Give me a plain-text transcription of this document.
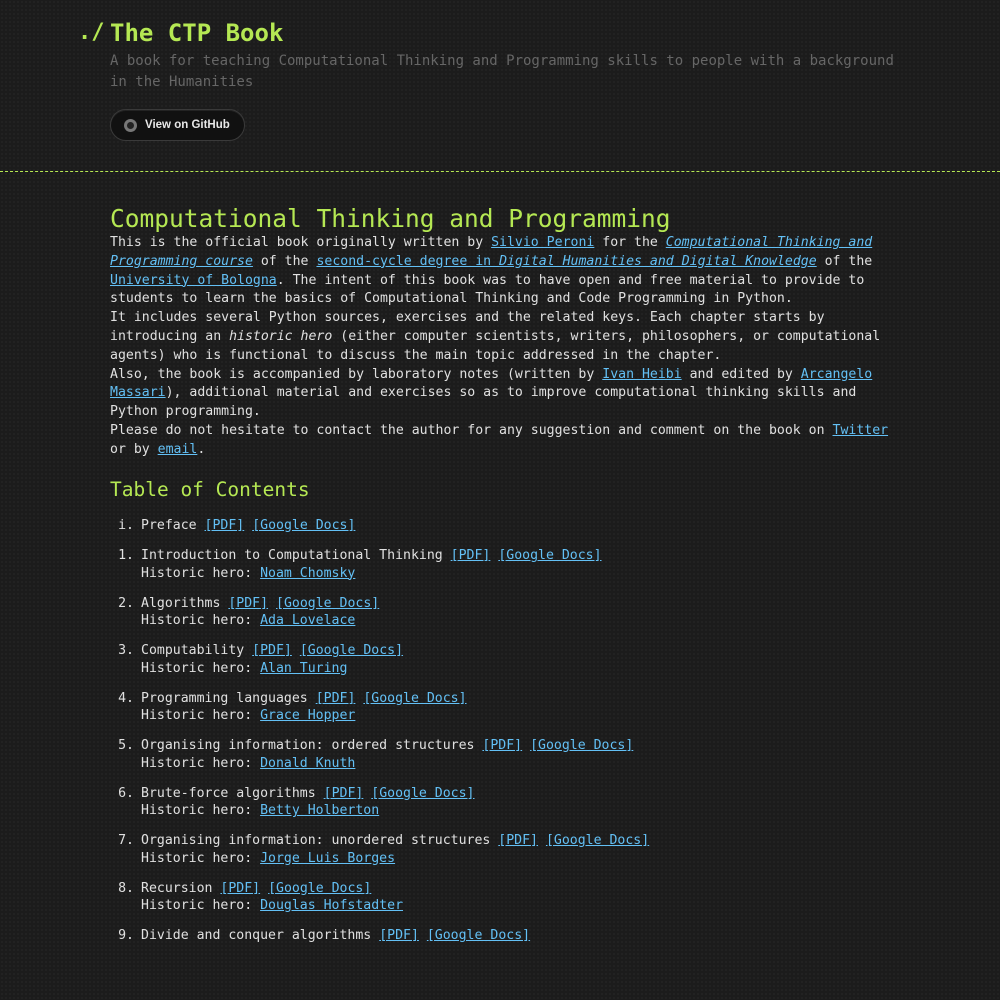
./ The CTP Book

A book for teaching Computational Thinking and Programming skills to people with a background in the Humanities

View on GitHub
Computational Thinking and Programming

This is the official book originally written by Silvio Peroni for the Computational Thinking and Programming course of the second-cycle degree in Digital Humanities and Digital Knowledge of the University of Bologna. The intent of this book was to have open and free material to provide to students to learn the basics of Computational Thinking and Code Programming in Python.

It includes several Python sources, exercises and the related keys. Each chapter starts by introducing an historic hero (either computer scientists, writers, philosophers, or computational agents) who is functional to discuss the main topic addressed in the chapter.

Also, the book is accompanied by laboratory notes (written by Ivan Heibi and edited by Arcangelo Massari), additional material and exercises so as to improve computational thinking skills and Python programming.

Please do not hesitate to contact the author for any suggestion and comment on the book on Twitter or by email.

Table of Contents
i. Preface [PDF] [Google Docs]
1. Introduction to Computational Thinking [PDF] [Google Docs]
Historic hero: Noam Chomsky
2. Algorithms [PDF] [Google Docs]
Historic hero: Ada Lovelace
3. Computability [PDF] [Google Docs]
Historic hero: Alan Turing
4. Programming languages [PDF] [Google Docs]
Historic hero: Grace Hopper
5. Organising information: ordered structures [PDF] [Google Docs]
Historic hero: Donald Knuth
6. Brute-force algorithms [PDF] [Google Docs]
Historic hero: Betty Holberton
7. Organising information: unordered structures [PDF] [Google Docs]
Historic hero: Jorge Luis Borges
8. Recursion [PDF] [Google Docs]
Historic hero: Douglas Hofstadter
9. Divide and conquer algorithms [PDF] [Google Docs]
